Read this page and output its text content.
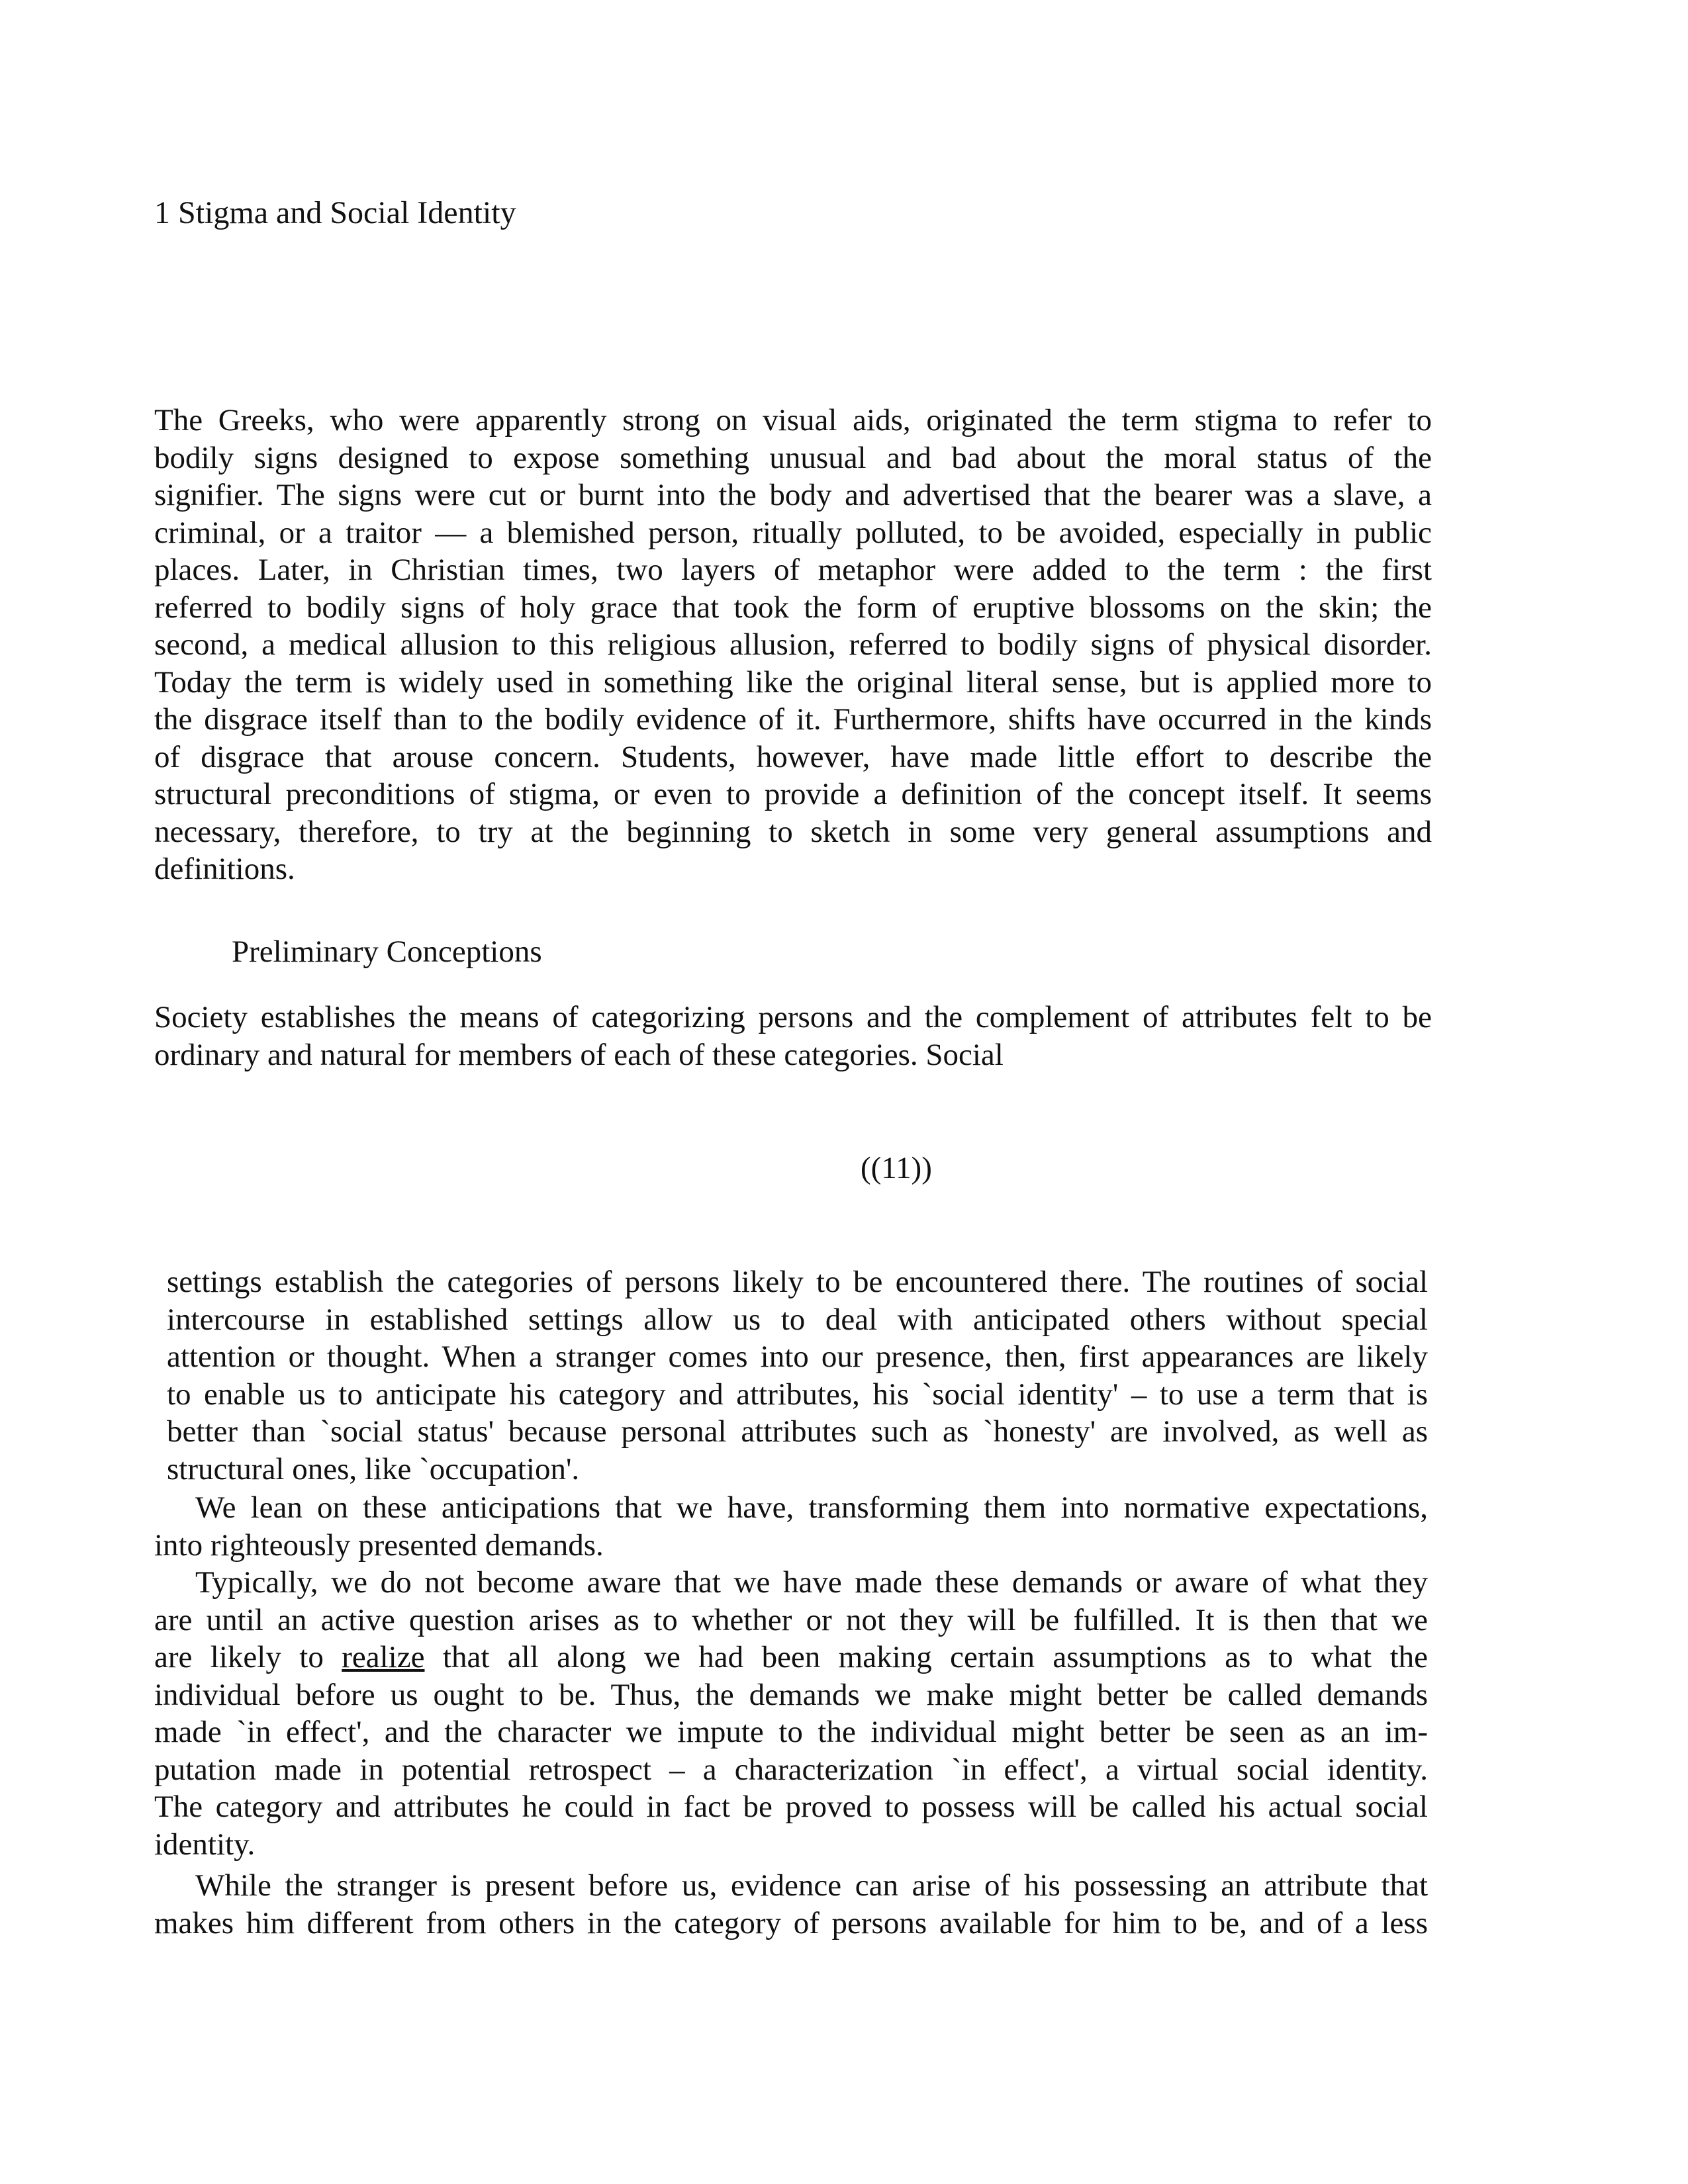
1 Stigma and Social Identity
The Greeks, who were apparently strong on visual aids, originated the term stigma to refer to
bodily signs designed to expose something unusual and bad about the moral status of the
signifier. The signs were cut or burnt into the body and advertised that the bearer was a slave, a
criminal, or a traitor — a blemished person, ritually polluted, to be avoided, especially in public
places. Later, in Christian times, two layers of metaphor were added to the term : the first
referred to bodily signs of holy grace that took the form of eruptive blossoms on the skin; the
second, a medical allusion to this religious allusion, referred to bodily signs of physical disorder.
Today the term is widely used in something like the original literal sense, but is applied more to
the disgrace itself than to the bodily evidence of it. Furthermore, shifts have occurred in the kinds
of disgrace that arouse concern. Students, however, have made little effort to describe the
structural preconditions of stigma, or even to provide a definition of the concept itself. It seems
necessary, therefore, to try at the beginning to sketch in some very general assumptions and
definitions.
Preliminary Conceptions
Society establishes the means of categorizing persons and the complement of attributes felt to be
ordinary and natural for members of each of these categories. Social
((11))
settings establish the categories of persons likely to be encountered there. The routines of social
intercourse in established settings allow us to deal with anticipated others without special
attention or thought. When a stranger comes into our presence, then, first appearances are likely
to enable us to anticipate his category and attributes, his `social identity' – to use a term that is
better than `social status' because personal attributes such as `honesty' are involved, as well as
structural ones, like `occupation'.
We lean on these anticipations that we have, transforming them into normative expectations,
into righteously presented demands.
Typically, we do not become aware that we have made these demands or aware of what they
are until an active question arises as to whether or not they will be fulfilled. It is then that we
are likely to realize that all along we had been making certain assumptions as to what the
individual before us ought to be. Thus, the demands we make might better be called demands
made `in effect', and the character we impute to the individual might better be seen as an im-
putation made in potential retrospect – a characterization `in effect', a virtual social identity.
The category and attributes he could in fact be proved to possess will be called his actual social
identity.
While the stranger is present before us, evidence can arise of his possessing an attribute that
makes him different from others in the category of persons available for him to be, and of a less
